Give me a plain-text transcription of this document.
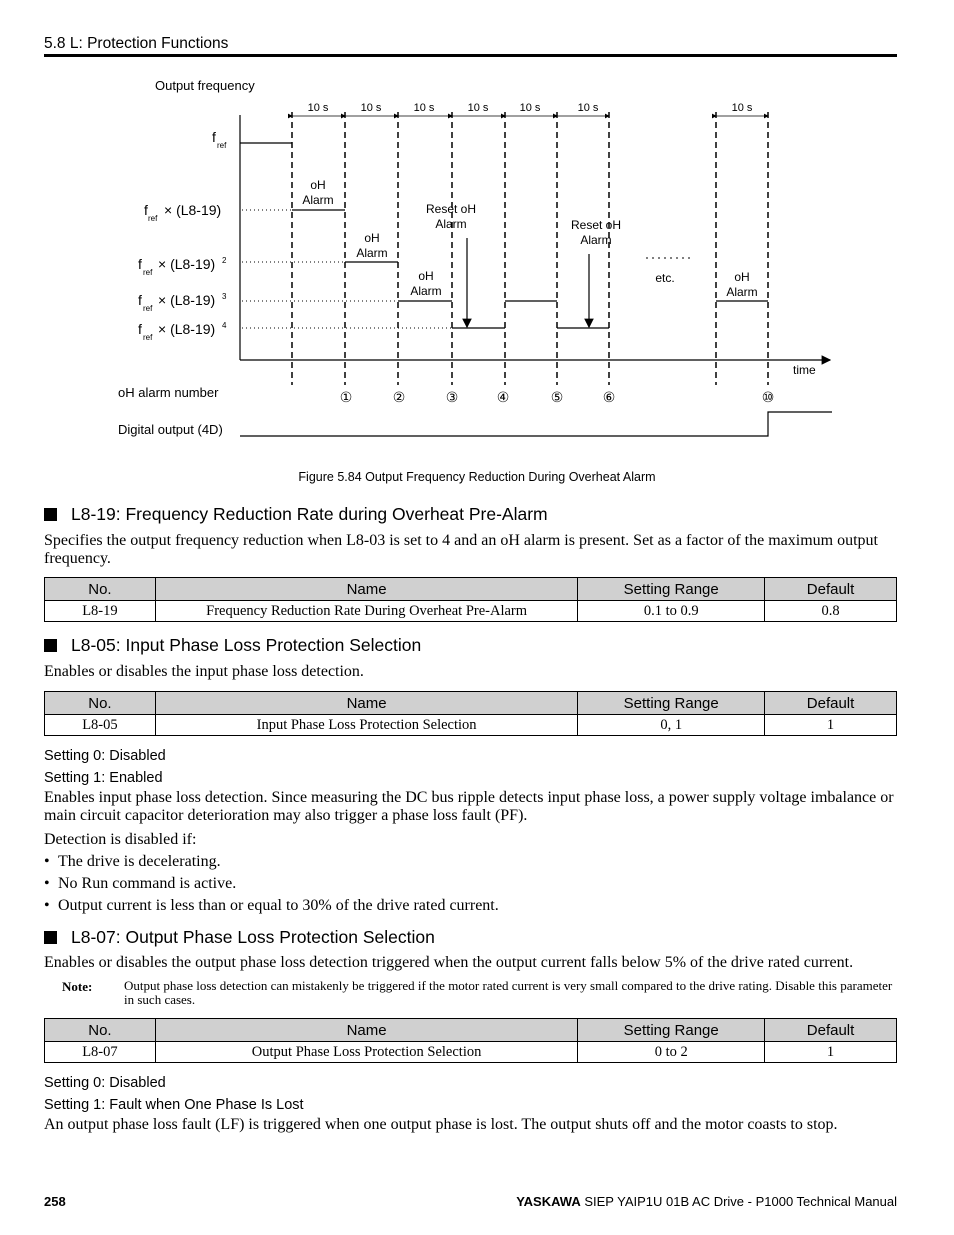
5.8 L: Protection Functions
Output frequency
f
ref
f
ref
× (L8-19)
f
ref
× (L8-19) 2
f
ref
× (L8-19) 3
f
ref
× (L8-19) 4
time
10 s	10 s	10 s	10 s	10 s	10 s	10 s
oH
Alarm
oH
Alarm
oH
Alarm
Reset oH
Alarm	Reset oH
Alarm
etc.	oH
Alarm
oH alarm number	①	②	③	④	⑤	⑥	⑩
Digital output (4D)
Figure 5.84 Output Frequency Reduction During Overheat Alarm
L8-19: Frequency Reduction Rate during Overheat Pre-Alarm
Specifies the output frequency reduction when L8-03 is set to 4 and an oH alarm is present. Set as a factor of the maximum output frequency.
No.	Name	Setting Range	Default
L8-19	Frequency Reduction Rate During Overheat Pre-Alarm	0.1 to 0.9	0.8
L8-05: Input Phase Loss Protection Selection
Enables or disables the input phase loss detection.
No.	Name	Setting Range	Default
L8-05	Input Phase Loss Protection Selection	0, 1	1
Setting 0: Disabled
Setting 1: Enabled
Enables input phase loss detection. Since measuring the DC bus ripple detects input phase loss, a power supply voltage imbalance or main circuit capacitor deterioration may also trigger a phase loss fault (PF).
Detection is disabled if:
• The drive is decelerating.
• No Run command is active.
• Output current is less than or equal to 30% of the drive rated current.
L8-07: Output Phase Loss Protection Selection
Enables or disables the output phase loss detection triggered when the output current falls below 5% of the drive rated current.
Note: Output phase loss detection can mistakenly be triggered if the motor rated current is very small compared to the drive rating. Disable this parameter in such cases.
No.	Name	Setting Range	Default
L8-07	Output Phase Loss Protection Selection	0 to 2	1
Setting 0: Disabled
Setting 1: Fault when One Phase Is Lost
An output phase loss fault (LF) is triggered when one output phase is lost. The output shuts off and the motor coasts to stop.
258	YASKAWA SIEP YAIP1U 01B AC Drive - P1000 Technical Manual
